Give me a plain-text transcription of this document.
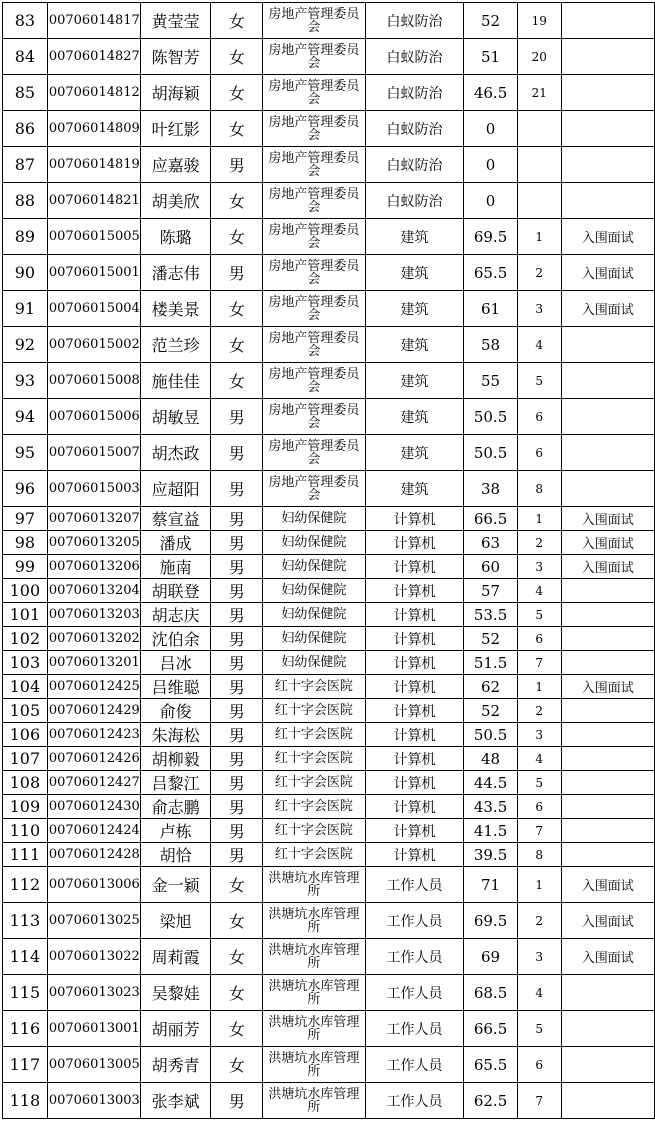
83	00706014817	黄莹莹	女	房地产管理委员会	白蚁防治	52	19	
84	00706014827	陈智芳	女	房地产管理委员会	白蚁防治	51	20	
85	00706014812	胡海颖	女	房地产管理委员会	白蚁防治	46.5	21	
86	00706014809	叶红影	女	房地产管理委员会	白蚁防治	0		
87	00706014819	应嘉骏	男	房地产管理委员会	白蚁防治	0		
88	00706014821	胡美欣	女	房地产管理委员会	白蚁防治	0		
89	00706015005	陈璐	女	房地产管理委员会	建筑	69.5	1	入围面试
90	00706015001	潘志伟	男	房地产管理委员会	建筑	65.5	2	入围面试
91	00706015004	楼美景	女	房地产管理委员会	建筑	61	3	入围面试
92	00706015002	范兰珍	女	房地产管理委员会	建筑	58	4	
93	00706015008	施佳佳	女	房地产管理委员会	建筑	55	5	
94	00706015006	胡敏昱	男	房地产管理委员会	建筑	50.5	6	
95	00706015007	胡杰政	男	房地产管理委员会	建筑	50.5	6	
96	00706015003	应超阳	男	房地产管理委员会	建筑	38	8	
97	00706013207	蔡宣益	男	妇幼保健院	计算机	66.5	1	入围面试
98	00706013205	潘成	男	妇幼保健院	计算机	63	2	入围面试
99	00706013206	施南	男	妇幼保健院	计算机	60	3	入围面试
100	00706013204	胡联登	男	妇幼保健院	计算机	57	4	
101	00706013203	胡志庆	男	妇幼保健院	计算机	53.5	5	
102	00706013202	沈伯余	男	妇幼保健院	计算机	52	6	
103	00706013201	吕冰	男	妇幼保健院	计算机	51.5	7	
104	00706012425	吕维聪	男	红十字会医院	计算机	62	1	入围面试
105	00706012429	俞俊	男	红十字会医院	计算机	52	2	
106	00706012423	朱海松	男	红十字会医院	计算机	50.5	3	
107	00706012426	胡柳毅	男	红十字会医院	计算机	48	4	
108	00706012427	吕黎江	男	红十字会医院	计算机	44.5	5	
109	00706012430	俞志鹏	男	红十字会医院	计算机	43.5	6	
110	00706012424	卢栋	男	红十字会医院	计算机	41.5	7	
111	00706012428	胡恰	男	红十字会医院	计算机	39.5	8	
112	00706013006	金一颖	女	洪塘坑水库管理所	工作人员	71	1	入围面试
113	00706013025	梁旭	女	洪塘坑水库管理所	工作人员	69.5	2	入围面试
114	00706013022	周莉霞	女	洪塘坑水库管理所	工作人员	69	3	入围面试
115	00706013023	吴黎娃	女	洪塘坑水库管理所	工作人员	68.5	4	
116	00706013001	胡丽芳	女	洪塘坑水库管理所	工作人员	66.5	5	
117	00706013005	胡秀青	女	洪塘坑水库管理所	工作人员	65.5	6	
118	00706013003	张李斌	男	洪塘坑水库管理所	工作人员	62.5	7	
